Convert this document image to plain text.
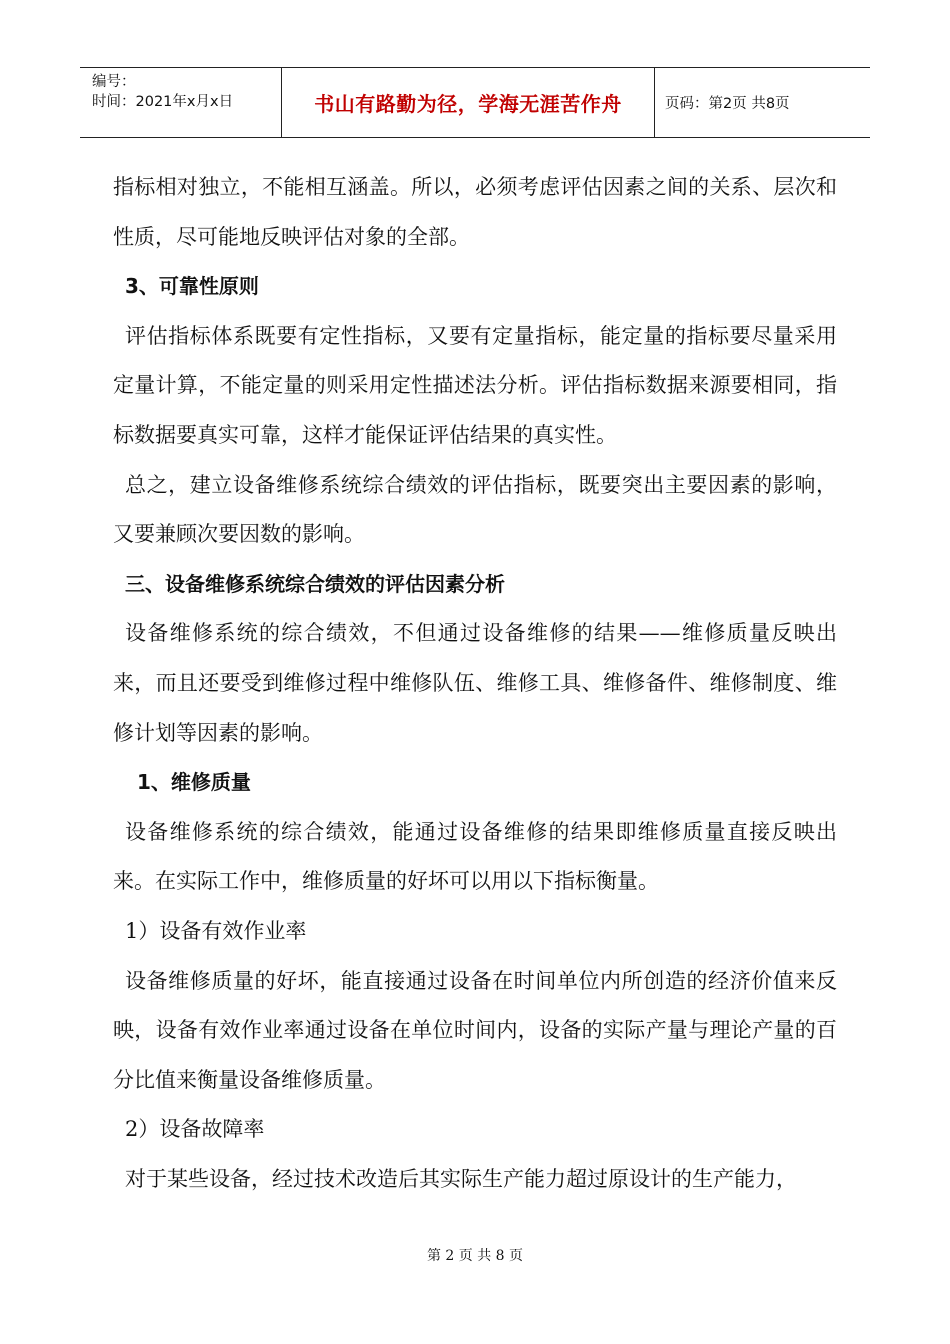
编号：
时间：2021年x月x日	书山有路勤为径，学海无涯苦作舟	页码：第2页 共8页

指标相对独立，不能相互涵盖。所以，必须考虑评估因素之间的关系、层次和性质，尽可能地反映评估对象的全部。

3、可靠性原则

评估指标体系既要有定性指标，又要有定量指标，能定量的指标要尽量采用定量计算，不能定量的则采用定性描述法分析。评估指标数据来源要相同，指标数据要真实可靠，这样才能保证评估结果的真实性。

总之，建立设备维修系统综合绩效的评估指标，既要突出主要因素的影响，又要兼顾次要因数的影响。

三、设备维修系统综合绩效的评估因素分析

设备维修系统的综合绩效，不但通过设备维修的结果——维修质量反映出来，而且还要受到维修过程中维修队伍、维修工具、维修备件、维修制度、维修计划等因素的影响。

1、维修质量

设备维修系统的综合绩效，能通过设备维修的结果即维修质量直接反映出来。在实际工作中，维修质量的好坏可以用以下指标衡量。

1）设备有效作业率

设备维修质量的好坏，能直接通过设备在时间单位内所创造的经济价值来反映，设备有效作业率通过设备在单位时间内，设备的实际产量与理论产量的百分比值来衡量设备维修质量。

2）设备故障率

对于某些设备，经过技术改造后其实际生产能力超过原设计的生产能力，

第 2 页 共 8 页
